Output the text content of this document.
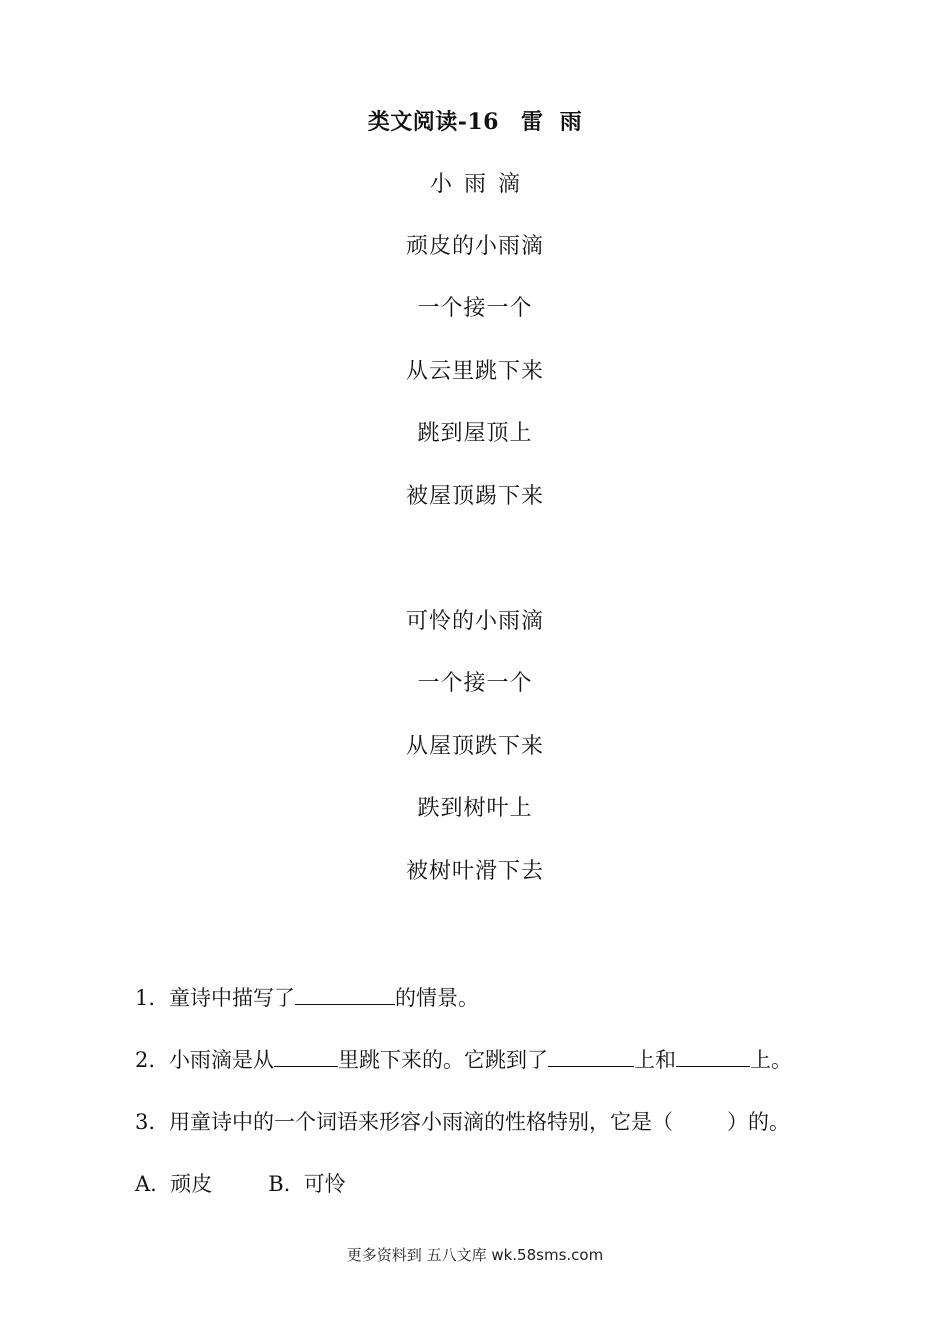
类文阅读-16 雷  雨
小雨滴
顽皮的小雨滴
一个接一个
从云里跳下来
跳到屋顶上
被屋顶踢下来
可怜的小雨滴
一个接一个
从屋顶跌下来
跌到树叶上
被树叶滑下去
1. 童诗中描写了	的情景。
2. 小雨滴是从	里跳下来的。它跳到了	上和	上。
3. 用童诗中的一个词语来形容小雨滴的性格特别，它是（	）的。
A.  顽皮	B.  可怜
更多资料到 五八文库 wk.58sms.com
